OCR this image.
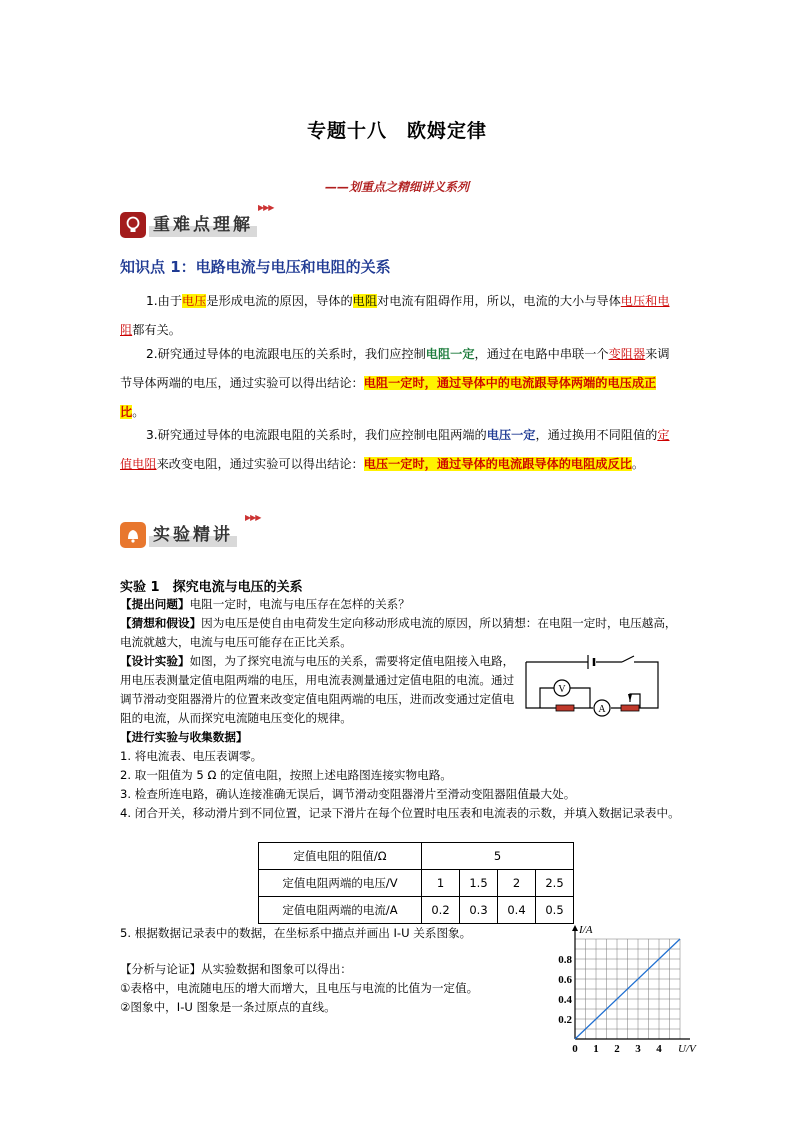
专题十八　欧姆定律
——划重点之精细讲义系列
重难点理解
▶▶▶
知识点 1：电路电流与电压和电阻的关系
1.由于电压是形成电流的原因，导体的电阻对电流有阻碍作用，所以，电流的大小与导体电压和电阻都有关。
2.研究通过导体的电流跟电压的关系时，我们应控制电阻一定，通过在电路中串联一个变阻器来调节导体两端的电压，通过实验可以得出结论：电阻一定时，通过导体中的电流跟导体两端的电压成正比。
3.研究通过导体的电流跟电阻的关系时，我们应控制电阻两端的电压一定，通过换用不同阻值的定值电阻来改变电阻，通过实验可以得出结论：电压一定时，通过导体的电流跟导体的电阻成反比。
实验精讲
▶▶▶
实验 1　探究电流与电压的关系
【提出问题】电阻一定时，电流与电压存在怎样的关系？
【猜想和假设】因为电压是使自由电荷发生定向移动形成电流的原因，所以猜想：在电阻一定时，电压越高，电流就越大，电流与电压可能存在正比关系。
【设计实验】如图，为了探究电流与电压的关系，需要将定值电阻接入电路，用电压表测量定值电阻两端的电压，用电流表测量通过定值电阻的电流。通过调节滑动变阻器滑片的位置来改变定值电阻两端的电压，进而改变通过定值电阻的电流，从而探究电流随电压变化的规律。
V
A
【进行实验与收集数据】
1. 将电流表、电压表调零。
2. 取一阻值为 5 Ω 的定值电阻，按照上述电路图连接实物电路。
3. 检查所连电路，确认连接准确无误后，调节滑动变阻器滑片至滑动变阻器阻值最大处。
4. 闭合开关，移动滑片到不同位置，记录下滑片在每个位置时电压表和电流表的示数，并填入数据记录表中。
定值电阻的阻值/Ω	5			
定值电阻两端的电压/V	1	1.5	2	2.5
定值电阻两端的电流/A	0.2	0.3	0.4	0.5
5. 根据数据记录表中的数据，在坐标系中描点并画出 I-U 关系图象。
【分析与论证】从实验数据和图象可以得出：
①表格中，电流随电压的增大而增大，且电压与电流的比值为一定值。
②图象中，I-U 图象是一条过原点的直线。
0 1 2 3 4
0.2
0.4
0.6
0.8
I/A
U/V
